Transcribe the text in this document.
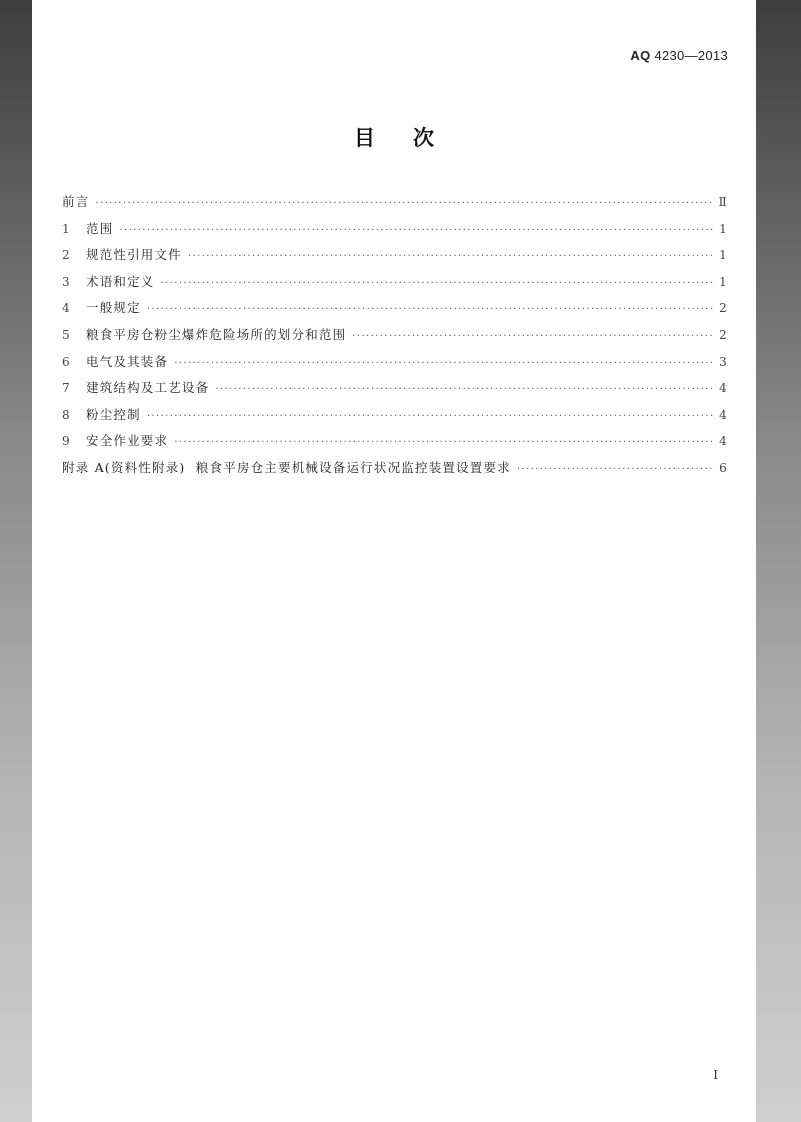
AQ 4230—2013
目次
前言 ·····	Ⅱ
1	范围 ·····	1
2	规范性引用文件 ·····	1
3	术语和定义 ·····	1
4	一般规定 ·····	2
5	粮食平房仓粉尘爆炸危险场所的划分和范围 ·····	2
6	电气及其装备 ·····	3
7	建筑结构及工艺设备 ·····	4
8	粉尘控制 ·····	4
9	安全作业要求 ·····	4
附录 A(资料性附录)  粮食平房仓主要机械设备运行状况监控装置设置要求 ·····	6
I
